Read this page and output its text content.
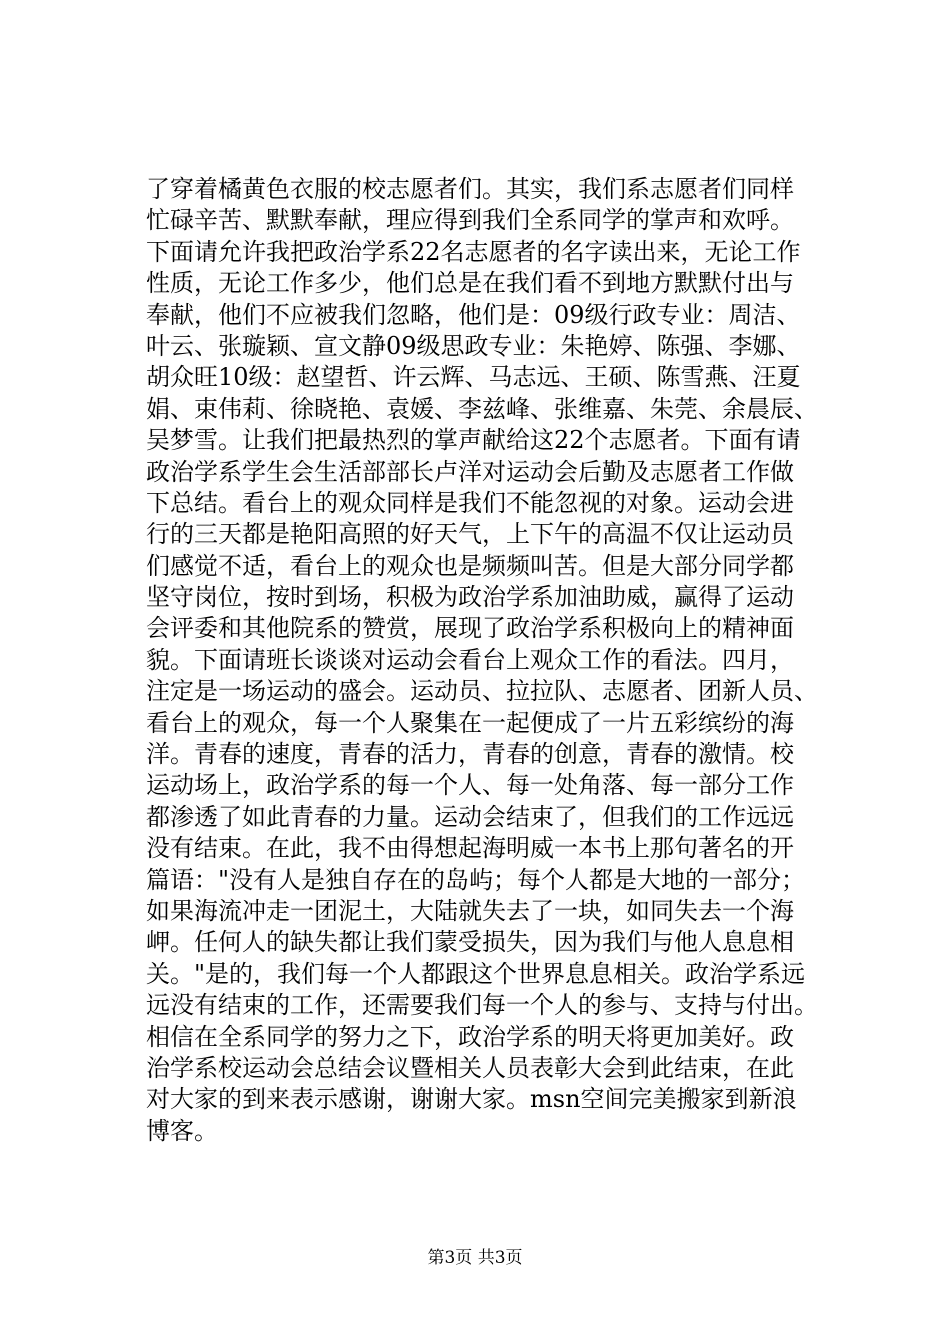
了穿着橘黄色衣服的校志愿者们。其实，我们系志愿者们同样
忙碌辛苦、默默奉献，理应得到我们全系同学的掌声和欢呼。
下面请允许我把政治学系22名志愿者的名字读出来，无论工作
性质，无论工作多少，他们总是在我们看不到地方默默付出与
奉献，他们不应被我们忽略，他们是：09级行政专业：周洁、
叶云、张璇颖、宣文静09级思政专业：朱艳婷、陈强、李娜、
胡众旺10级：赵望哲、许云辉、马志远、王硕、陈雪燕、汪夏
娟、束伟莉、徐晓艳、袁媛、李兹峰、张维嘉、朱莞、余晨辰、
吴梦雪。让我们把最热烈的掌声献给这22个志愿者。下面有请
政治学系学生会生活部部长卢洋对运动会后勤及志愿者工作做
下总结。看台上的观众同样是我们不能忽视的对象。运动会进
行的三天都是艳阳高照的好天气，上下午的高温不仅让运动员
们感觉不适，看台上的观众也是频频叫苦。但是大部分同学都
坚守岗位，按时到场，积极为政治学系加油助威，赢得了运动
会评委和其他院系的赞赏，展现了政治学系积极向上的精神面
貌。下面请班长谈谈对运动会看台上观众工作的看法。四月，
注定是一场运动的盛会。运动员、拉拉队、志愿者、团新人员、
看台上的观众，每一个人聚集在一起便成了一片五彩缤纷的海
洋。青春的速度，青春的活力，青春的创意，青春的激情。校
运动场上，政治学系的每一个人、每一处角落、每一部分工作
都渗透了如此青春的力量。运动会结束了，但我们的工作远远
没有结束。在此，我不由得想起海明威一本书上那句著名的开
篇语："没有人是独自存在的岛屿；每个人都是大地的一部分；
如果海流冲走一团泥土，大陆就失去了一块，如同失去一个海
岬。任何人的缺失都让我们蒙受损失，因为我们与他人息息相
关。"是的，我们每一个人都跟这个世界息息相关。政治学系远
远没有结束的工作，还需要我们每一个人的参与、支持与付出。
相信在全系同学的努力之下，政治学系的明天将更加美好。政
治学系校运动会总结会议暨相关人员表彰大会到此结束，在此
对大家的到来表示感谢，谢谢大家。msn空间完美搬家到新浪
博客。
第3页 共3页
